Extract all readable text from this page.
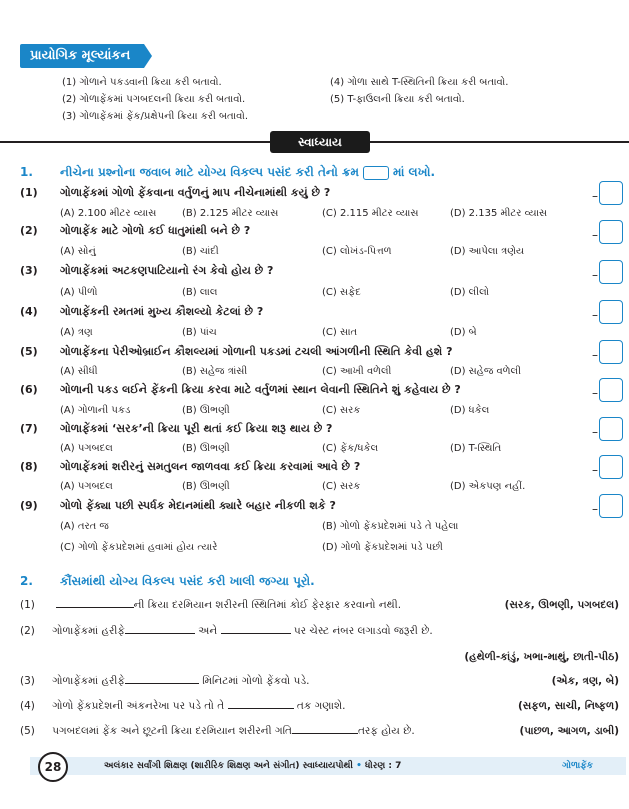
પ્રાયોગિક મૂલ્યાંકન
(1) ગોળાને પકડવાની ક્રિયા કરી બતાવો.
(2) ગોળાફેંકમાં પગબદલની ક્રિયા કરી બતાવો.
(3) ગોળાફેંકમાં ફેંક/પ્રક્ષેપની ક્રિયા કરી બતાવો.
(4) ગોળા સાથે T-સ્થિતિની ક્રિયા કરી બતાવો.
(5) T-ફાઉલની ક્રિયા કરી બતાવો.
સ્વાધ્યાય
1. નીચેના પ્રશ્નોના જવાબ માટે યોગ્ય વિકલ્પ પસંદ કરી તેનો ક્રમ	માં લખો.
(1) ગોળાફેંકમાં ગોળો ફેંકવાના વર્તુળનું માપ નીચેનામાંથી કયું છે ?	–
(A) 2.100 મીટર વ્યાસ	(B) 2.125 મીટર વ્યાસ	(C) 2.115 મીટર વ્યાસ	(D) 2.135 મીટર વ્યાસ
(2) ગોળાફેંક માટે ગોળો કઈ ધાતુમાંથી બને છે ?	–
(A) સોનું	(B) ચાંદી	(C) લોખંડ-પિત્તળ	(D) આપેલા ત્રણેય
(3) ગોળાફેંકમાં અટકણપાટિયાનો રંગ કેવો હોય છે ?	–
(A) પીળો	(B) લાલ	(C) સફેદ	(D) લીલો
(4) ગોળાફેંકની રમતમાં મુખ્ય કૌશલ્યો કેટલાં છે ?	–
(A) ત્રણ	(B) પાંચ	(C) સાત	(D) બે
(5) ગોળાફેંકના પેરીઓબ્રાઈન કૌશલ્યમાં ગોળાની પકડમાં ટચલી આંગળીની સ્થિતિ કેવી હશે ?	–
(A) સીધી	(B) સહેજ ત્રાંસી	(C) આખી વળેલી	(D) સહેજ વળેલી
(6) ગોળાની પકડ લઈને ફેંકની ક્રિયા કરવા માટે વર્તુળમાં સ્થાન લેવાની સ્થિતિને શું કહેવાય છે ?	–
(A) ગોળાની પકડ	(B) ઊભણી	(C) સરક	(D) ધકેલ
(7) ગોળાફેંકમાં ‘સરક’ની ક્રિયા પૂરી થતાં કઈ ક્રિયા શરૂ થાય છે ?	–
(A) પગબદલ	(B) ઊભણી	(C) ફેંક/ધકેલ	(D) T-સ્થિતિ
(8) ગોળાફેંકમાં શરીરનું સમતુલન જાળવવા કઈ ક્રિયા કરવામાં આવે છે ?	–
(A) પગબદલ	(B) ઊભણી	(C) સરક	(D) એકપણ નહીં.
(9) ગોળો ફેંક્યા પછી સ્પર્ધક મેદાનમાંથી ક્યારે બહાર નીકળી શકે ?	–
(A) તરત જ	(B) ગોળો ફેંકપ્રદેશમાં પડે તે પહેલા
(C) ગોળો ફેંકપ્રદેશમાં હવામાં હોય ત્યારે	(D) ગોળો ફેંકપ્રદેશમાં પડે પછી
2. કૌંસમાંથી યોગ્ય વિકલ્પ પસંદ કરી ખાલી જગ્યા પૂરો.
(1)	ની ક્રિયા દરમિયાન શરીરની સ્થિતિમાં કોઈ ફેરફાર કરવાનો નથી.	(સરક, ઊભણી, પગબદલ)
(2) ગોળાફેંકમાં હરીફે	અને	પર ચેસ્ટ નંબર લગાડવો જરૂરી છે.
(હથેળી-કાંડું, ખભા-માથું, છાતી-પીઠ)
(3) ગોળાફેંકમાં હરીફે	મિનિટમાં ગોળો ફેંકવો પડે.	(એક, ત્રણ, બે)
(4) ગોળો ફેંકપ્રદેશની અંકનરેખા પર પડે તો તે	તક ગણાશે.	(સફળ, સાચી, નિષ્ફળ)
(5) પગબદલમાં ફેંક અને છૂટની ક્રિયા દરમિયાન શરીરની ગતિ	તરફ હોય છે.	(પાછળ, આગળ, ડાબી)
28	અલંકાર સર્વાંગી શિક્ષણ (શારીરિક શિક્ષણ અને સંગીત) સ્વાધ્યાયપોથી • ધોરણ : 7	ગોળાફેંક
